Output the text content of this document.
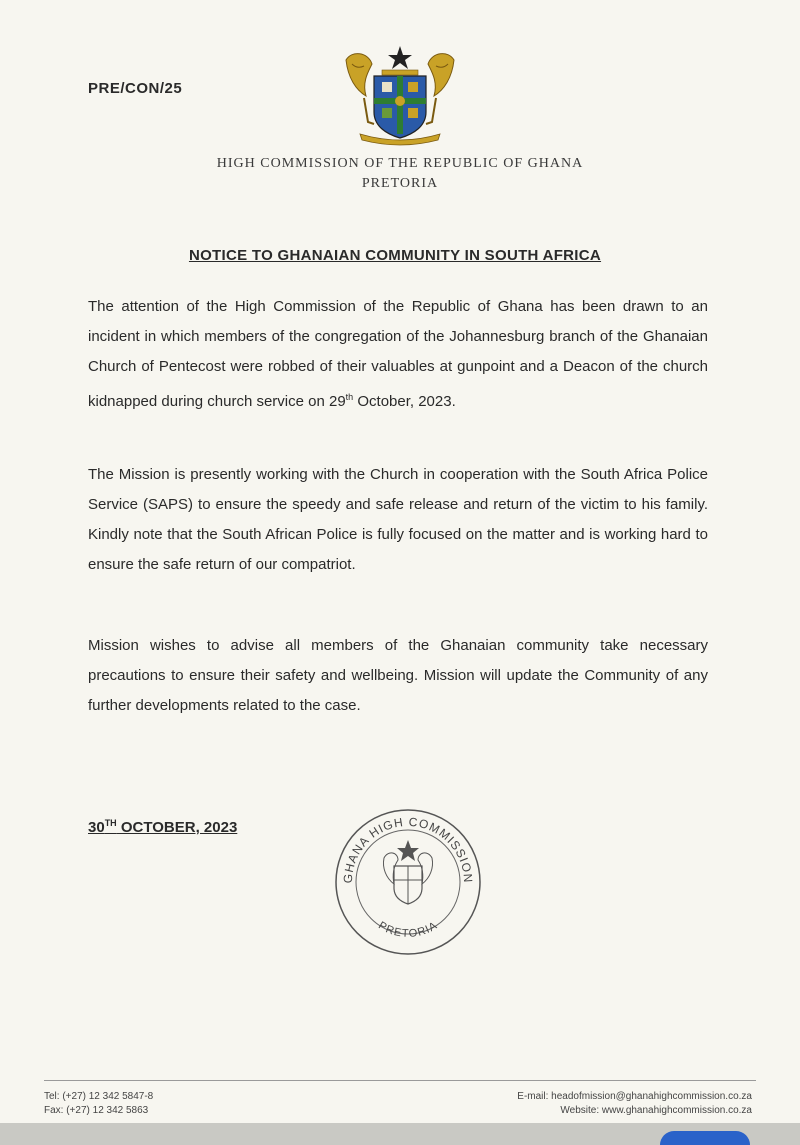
PRE/CON/25
HIGH COMMISSION OF THE REPUBLIC OF GHANA
PRETORIA
NOTICE TO GHANAIAN COMMUNITY IN SOUTH AFRICA

The attention of the High Commission of the Republic of Ghana has been drawn to an incident in which members of the congregation of the Johannesburg branch of the Ghanaian Church of Pentecost were robbed of their valuables at gunpoint and a Deacon of the church kidnapped during church service on 29th October, 2023.

The Mission is presently working with the Church in cooperation with the South Africa Police Service (SAPS) to ensure the speedy and safe release and return of the victim to his family. Kindly note that the South African Police is fully focused on the matter and is working hard to ensure the safe return of our compatriot.

Mission wishes to advise all members of the Ghanaian community take necessary precautions to ensure their safety and wellbeing. Mission will update the Community of any further developments related to the case.

30TH OCTOBER, 2023
GHANA HIGH COMMISSION
PRETORIA
Tel: (+27) 12 342 5847-8
Fax: (+27) 12 342 5863
E-mail: headofmission@ghanahighcommission.co.za
Website: www.ghanahighcommission.co.za
